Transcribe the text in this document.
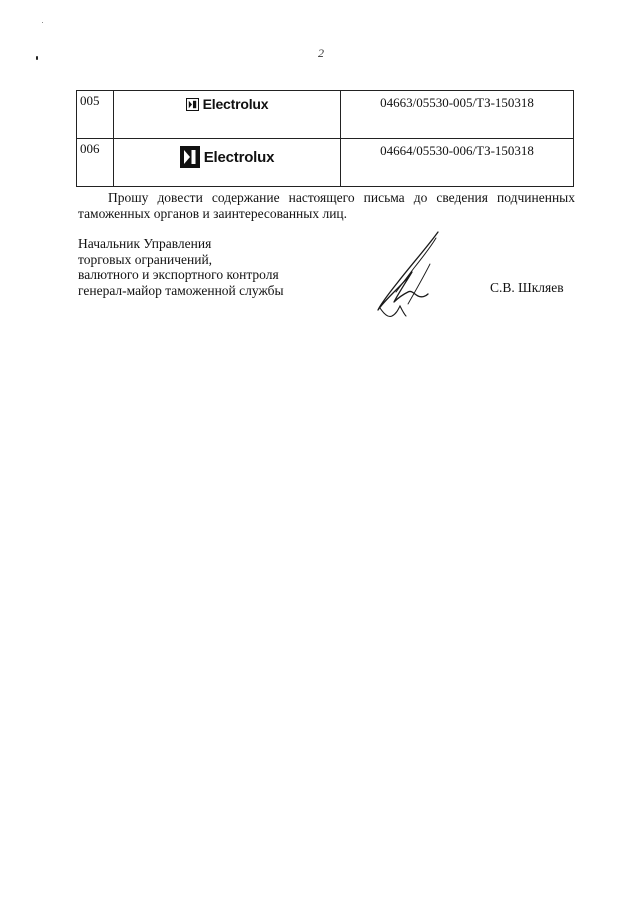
2
005	Electrolux	04663/05530-005/ТЗ-150318
006	Electrolux	04664/05530-006/ТЗ-150318
Прошу довести содержание настоящего письма до сведения подчиненных таможенных органов и заинтересованных лиц.
Начальник Управления
торговых ограничений,
валютного и экспортного контроля
генерал-майор таможенной службы	С.В. Шкляев
